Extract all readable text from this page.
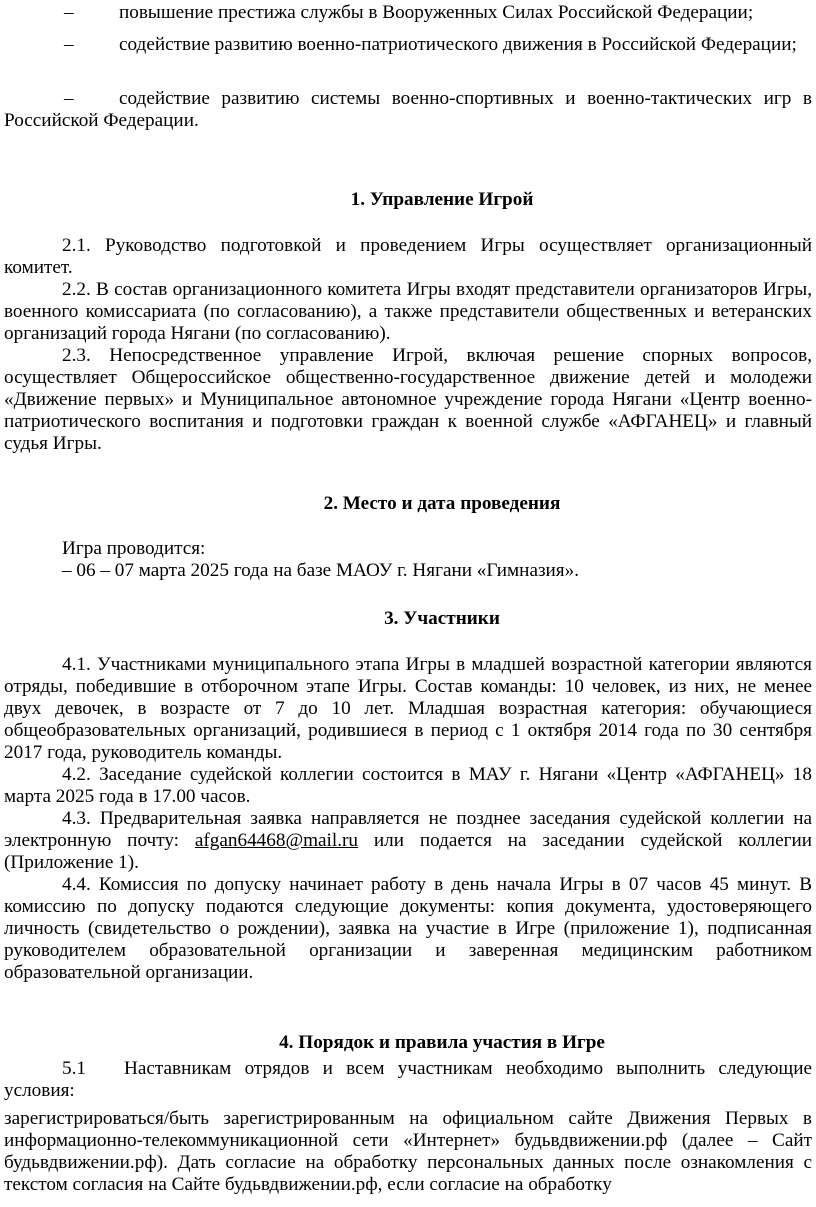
–	повышение престижа службы в Вооруженных Силах Российской Федерации;

–	содействие развитию военно-патриотического движения в Российской Федерации;

–	содействие развитию системы военно-спортивных и военно-тактических игр в Российской Федерации.

1. Управление Игрой

2.1. Руководство подготовкой и проведением Игры осуществляет организационный комитет.

2.2. В состав организационного комитета Игры входят представители организаторов Игры, военного комиссариата (по согласованию), а также представители общественных и ветеранских организаций города Нягани (по согласованию).

2.3. Непосредственное управление Игрой, включая решение спорных вопросов, осуществляет Общероссийское общественно-государственное движение детей и молодежи «Движение первых» и Муниципальное автономное учреждение города Нягани «Центр военно-патриотического воспитания и подготовки граждан к военной службе «АФГАНЕЦ» и главный судья Игры.

2. Место и дата проведения

Игра проводится:

– 06 – 07 марта 2025 года на базе МАОУ г. Нягани «Гимназия».

3. Участники

4.1. Участниками муниципального этапа Игры в младшей возрастной категории являются отряды, победившие в отборочном этапе Игры. Состав команды: 10 человек, из них, не менее двух девочек, в возрасте от 7 до 10 лет. Младшая возрастная категория: обучающиеся общеобразовательных организаций, родившиеся в период с 1 октября 2014 года по 30 сентября 2017 года, руководитель команды.

4.2. Заседание судейской коллегии состоится в МАУ г. Нягани «Центр «АФГАНЕЦ» 18 марта 2025 года в 17.00 часов.

4.3. Предварительная заявка направляется не позднее заседания судейской коллегии на электронную почту: afgan64468@mail.ru или подается на заседании судейской коллегии (Приложение 1).

4.4. Комиссия по допуску начинает работу в день начала Игры в 07 часов 45 минут. В комиссию по допуску подаются следующие документы: копия документа, удостоверяющего личность (свидетельство о рождении), заявка на участие в Игре (приложение 1), подписанная руководителем образовательной организации и заверенная медицинским работником образовательной организации.

4. Порядок и правила участия в Игре

5.1 Наставникам отрядов и всем участникам необходимо выполнить следующие условия:

зарегистрироваться/быть зарегистрированным на официальном сайте Движения Первых в информационно-телекоммуникационной сети «Интернет» будьвдвижении.рф (далее – Сайт будьвдвижении.рф). Дать согласие на обработку персональных данных после ознакомления с текстом согласия на Сайте будьвдвижении.рф, если согласие на обработку
